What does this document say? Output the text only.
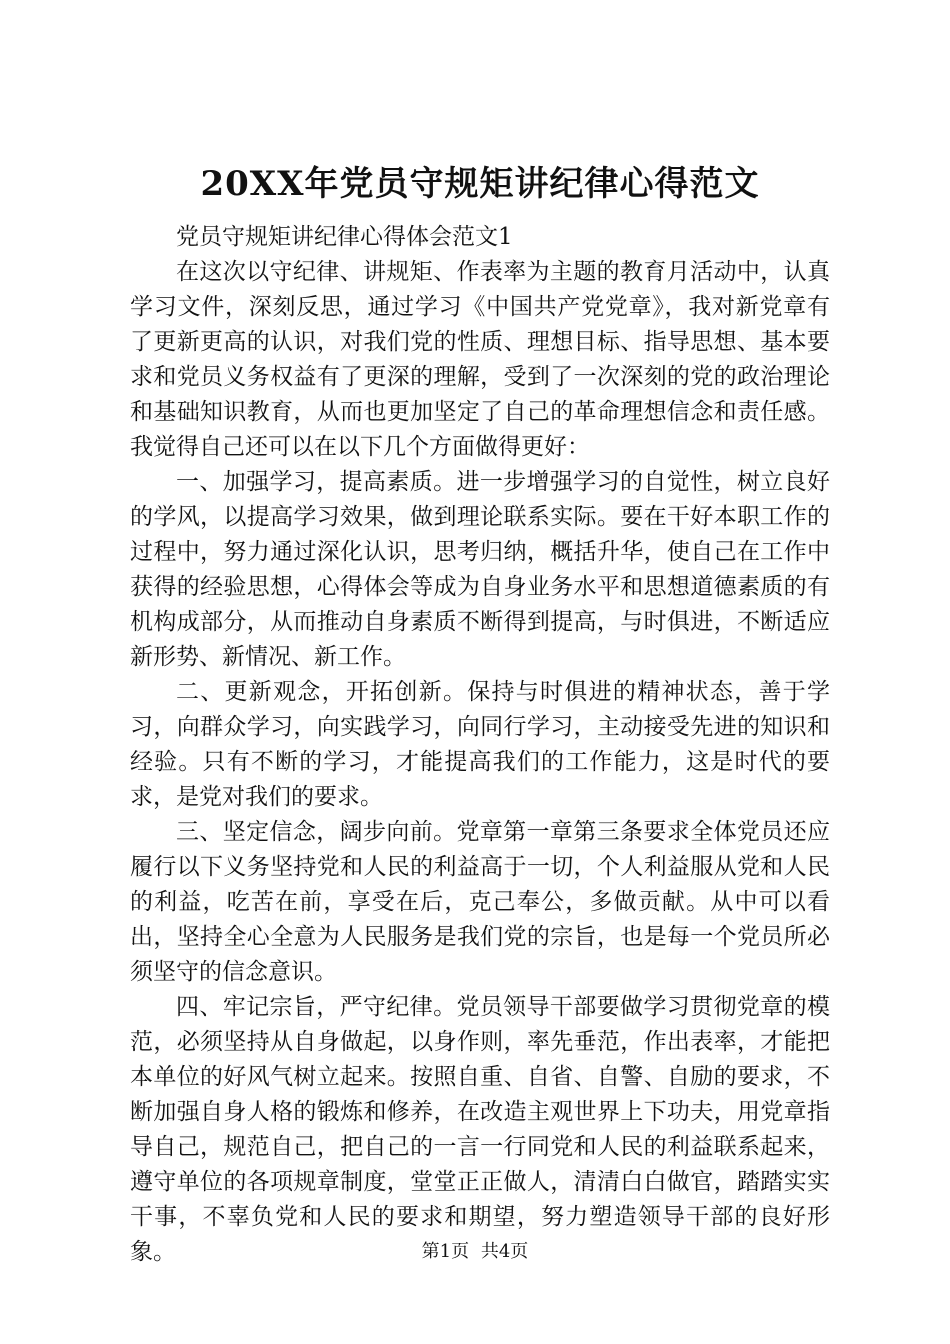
20XX年党员守规矩讲纪律心得范文
党员守规矩讲纪律心得体会范文1

在这次以守纪律、讲规矩、作表率为主题的教育月活动中，认真学习文件，深刻反思，通过学习《中国共产党党章》，我对新党章有了更新更高的认识，对我们党的性质、理想目标、指导思想、基本要求和党员义务权益有了更深的理解，受到了一次深刻的党的政治理论和基础知识教育，从而也更加坚定了自己的革命理想信念和责任感。我觉得自己还可以在以下几个方面做得更好：

一、加强学习，提高素质。进一步增强学习的自觉性，树立良好的学风，以提高学习效果，做到理论联系实际。要在干好本职工作的过程中，努力通过深化认识，思考归纳，概括升华，使自己在工作中获得的经验思想，心得体会等成为自身业务水平和思想道德素质的有机构成部分，从而推动自身素质不断得到提高，与时俱进，不断适应新形势、新情况、新工作。

二、更新观念，开拓创新。保持与时俱进的精神状态，善于学习，向群众学习，向实践学习，向同行学习，主动接受先进的知识和经验。只有不断的学习，才能提高我们的工作能力，这是时代的要求，是党对我们的要求。

三、坚定信念，阔步向前。党章第一章第三条要求全体党员还应履行以下义务坚持党和人民的利益高于一切，个人利益服从党和人民的利益，吃苦在前，享受在后，克己奉公，多做贡献。从中可以看出，坚持全心全意为人民服务是我们党的宗旨，也是每一个党员所必须坚守的信念意识。

四、牢记宗旨，严守纪律。党员领导干部要做学习贯彻党章的模范，必须坚持从自身做起，以身作则，率先垂范，作出表率，才能把本单位的好风气树立起来。按照自重、自省、自警、自励的要求，不断加强自身人格的锻炼和修养，在改造主观世界上下功夫，用党章指导自己，规范自己，把自己的一言一行同党和人民的利益联系起来，遵守单位的各项规章制度，堂堂正正做人，清清白白做官，踏踏实实干事，不辜负党和人民的要求和期望，努力塑造领导干部的良好形象。	第1页 共4页
